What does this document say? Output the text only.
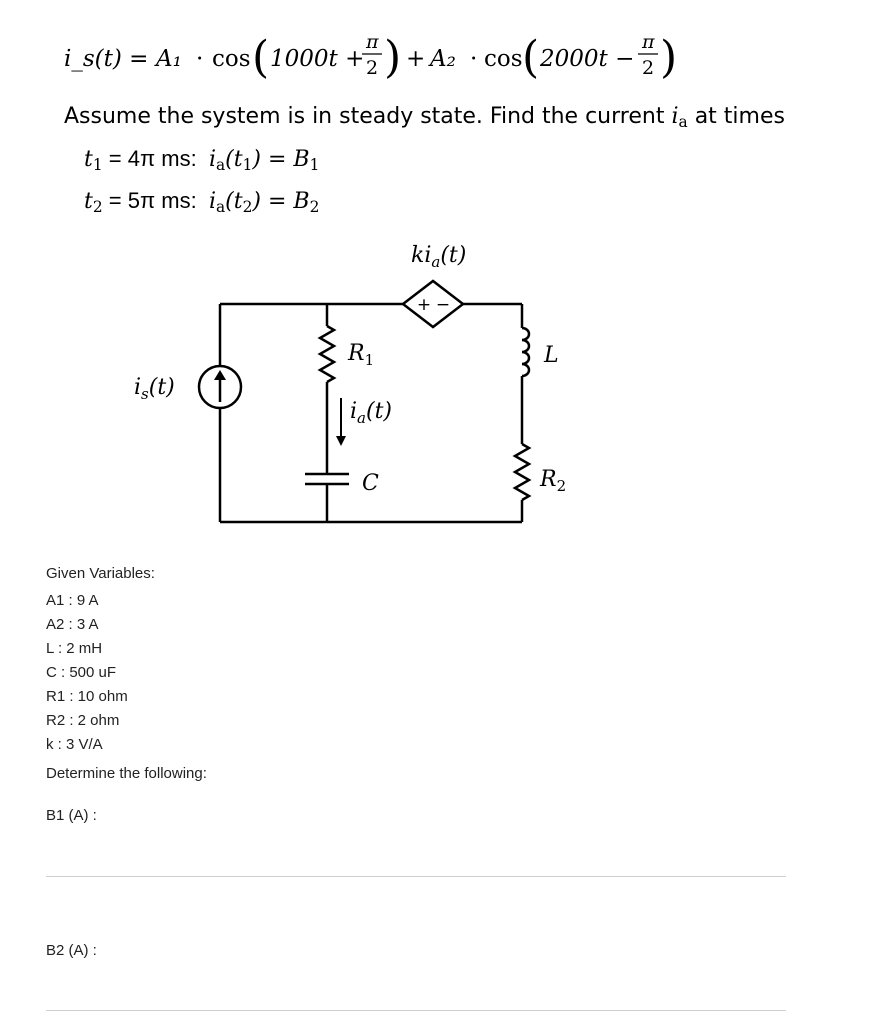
i_s(t) = A₁ · cos ( 1000t +
π
2 ) + A₂ · cos ( 2000t −
π
2 )
Assume the system is in steady state. Find the current $i_a$ at times
$t_1 = 4\pi$ ms: $i_a(t_1) = B_1$
$t_2 = 5\pi$ ms: $i_a(t_2) = B_2$
+ −
$ki_a(t)$
$i_s(t)$
$R_1$
$i_a(t)$
C
L
$R_2$
Given Variables:
A1 : 9 A
A2 : 3 A
L : 2 mH
C : 500 uF
R1 : 10 ohm
R2 : 2 ohm
k : 3 V/A
Determine the following:
B1 (A) :
B2 (A) :
